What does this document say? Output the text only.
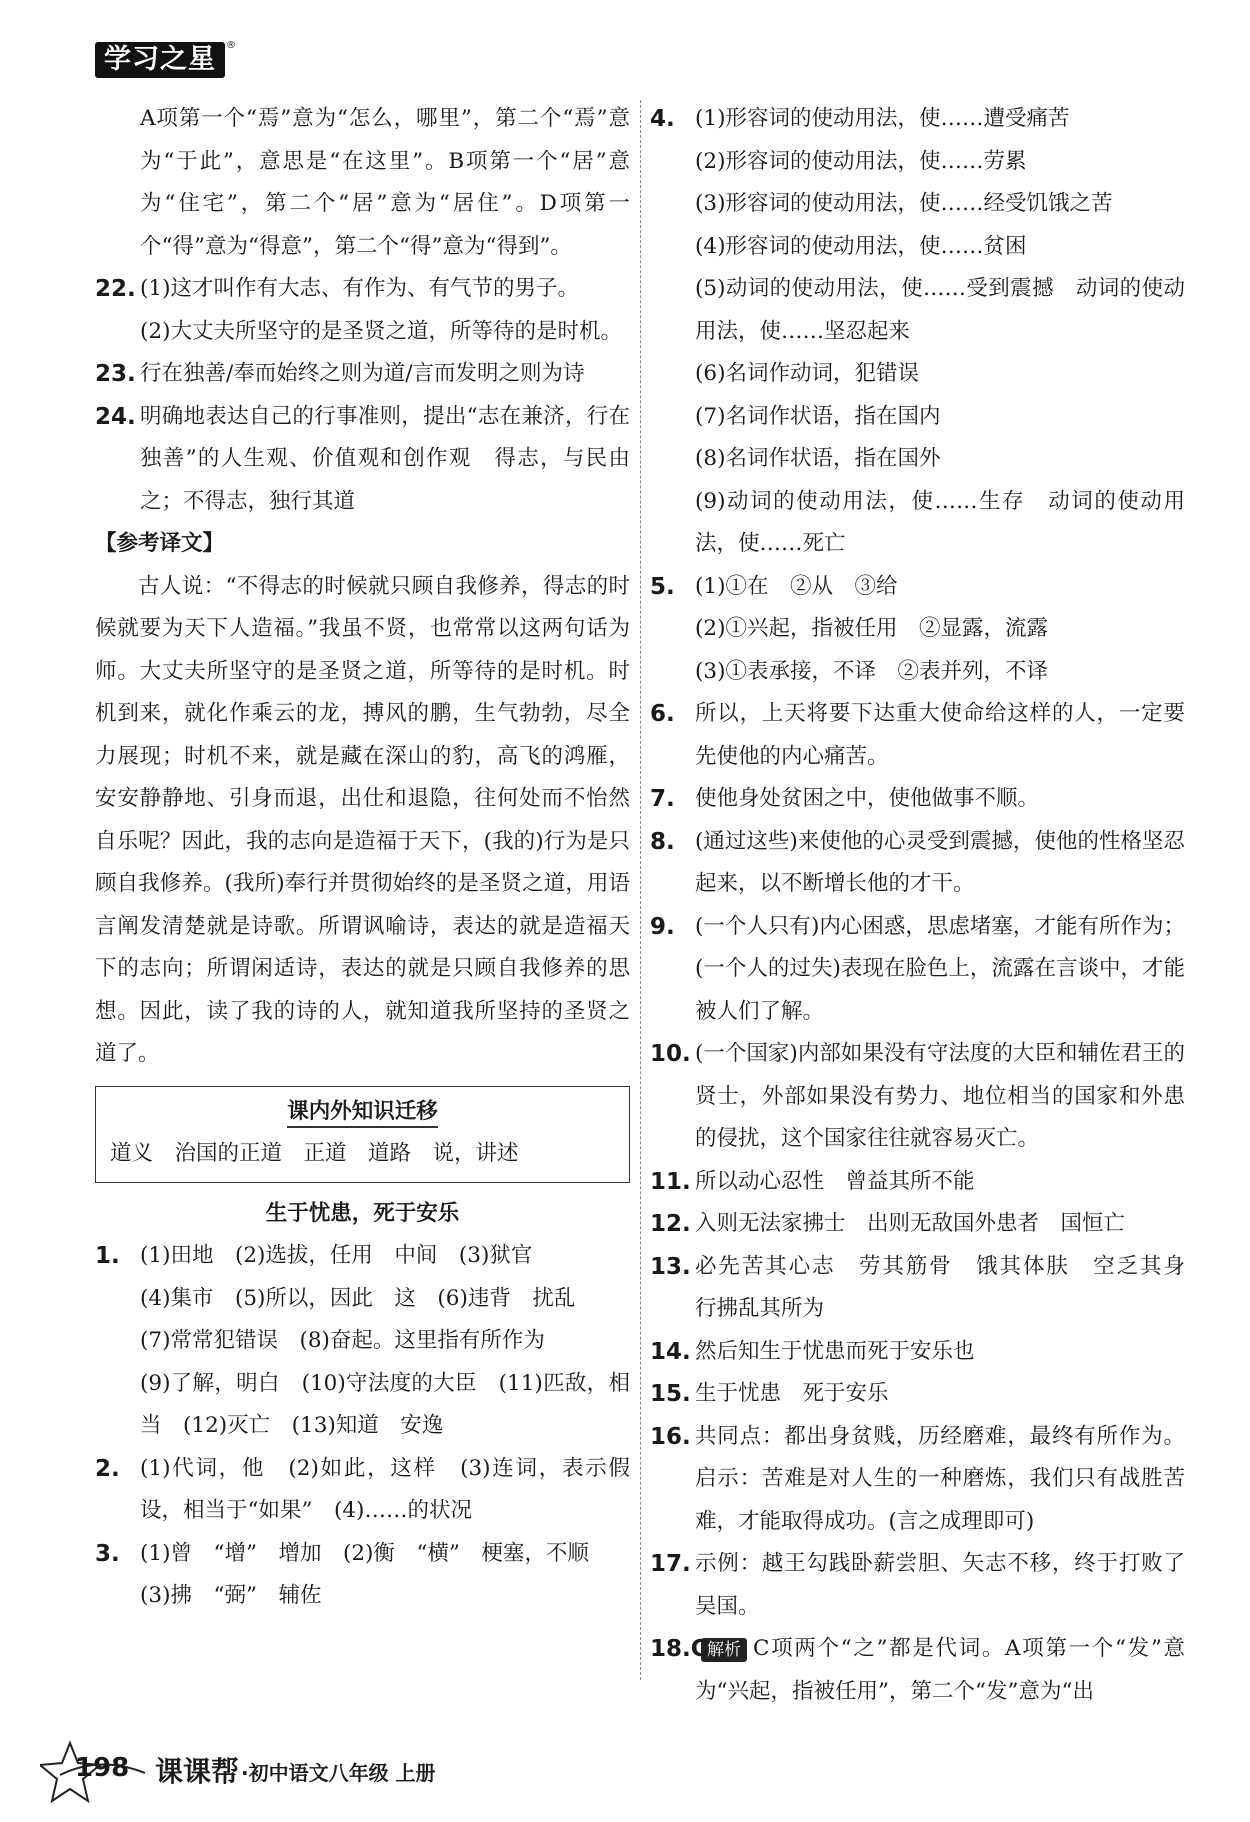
学习之星	®
A项第一个“焉”意为“怎么，哪里”，第二个“焉”意为“于此”，意思是“在这里”。B项第一个“居”意为“住宅”，第二个“居”意为“居住”。D项第一个“得”意为“得意”，第二个“得”意为“得到”。
22. (1)这才叫作有大志、有作为、有气节的男子。
(2)大丈夫所坚守的是圣贤之道，所等待的是时机。
23. 行在独善/奉而始终之则为道/言而发明之则为诗
24. 明确地表达自己的行事准则，提出“志在兼济，行在独善”的人生观、价值观和创作观　得志，与民由之；不得志，独行其道
【参考译文】
古人说：“不得志的时候就只顾自我修养，得志的时候就要为天下人造福。”我虽不贤，也常常以这两句话为师。大丈夫所坚守的是圣贤之道，所等待的是时机。时机到来，就化作乘云的龙，搏风的鹏，生气勃勃，尽全力展现；时机不来，就是藏在深山的豹，高飞的鸿雁，安安静静地、引身而退，出仕和退隐，往何处而不怡然自乐呢？因此，我的志向是造福于天下，(我的)行为是只顾自我修养。(我所)奉行并贯彻始终的是圣贤之道，用语言阐发清楚就是诗歌。所谓讽喻诗，表达的就是造福天下的志向；所谓闲适诗，表达的就是只顾自我修养的思想。因此，读了我的诗的人，就知道我所坚持的圣贤之道了。
课内外知识迁移
道义　治国的正道　正道　道路　说，讲述
生于忧患，死于安乐
1. (1)田地　(2)选拔，任用　中间　(3)狱官
(4)集市　(5)所以，因此　这　(6)违背　扰乱
(7)常常犯错误　(8)奋起。这里指有所作为
(9)了解，明白　(10)守法度的大臣　(11)匹敌，相当　(12)灭亡　(13)知道　安逸
2. (1)代词，他　(2)如此，这样　(3)连词，表示假设，相当于“如果”　(4)……的状况
3. (1)曾　“增”　增加　(2)衡　“横”　梗塞，不顺
(3)拂　“弼”　辅佐
4. (1)形容词的使动用法，使……遭受痛苦
(2)形容词的使动用法，使……劳累
(3)形容词的使动用法，使……经受饥饿之苦
(4)形容词的使动用法，使……贫困
(5)动词的使动用法，使……受到震撼　动词的使动用法，使……坚忍起来
(6)名词作动词，犯错误
(7)名词作状语，指在国内
(8)名词作状语，指在国外
(9)动词的使动用法，使……生存　动词的使动用法，使……死亡
5. (1)①在　②从　③给
(2)①兴起，指被任用　②显露，流露
(3)①表承接，不译　②表并列，不译
6. 所以，上天将要下达重大使命给这样的人，一定要先使他的内心痛苦。
7. 使他身处贫困之中，使他做事不顺。
8. (通过这些)来使他的心灵受到震撼，使他的性格坚忍起来，以不断增长他的才干。
9. (一个人只有)内心困惑，思虑堵塞，才能有所作为；(一个人的过失)表现在脸色上，流露在言谈中，才能被人们了解。
10. (一个国家)内部如果没有守法度的大臣和辅佐君王的贤士，外部如果没有势力、地位相当的国家和外患的侵扰，这个国家往往就容易灭亡。
11. 所以动心忍性　曾益其所不能
12. 入则无法家拂士　出则无敌国外患者　国恒亡
13. 必先苦其心志　劳其筋骨　饿其体肤　空乏其身　行拂乱其所为
14. 然后知生于忧患而死于安乐也
15. 生于忧患　死于安乐
16. 共同点：都出身贫贱，历经磨难，最终有所作为。启示：苦难是对人生的一种磨炼，我们只有战胜苦难，才能取得成功。(言之成理即可)
17. 示例：越王勾践卧薪尝胆、矢志不移，终于打败了吴国。
18.C 解析 C项两个“之”都是代词。A项第一个“发”意为“兴起，指被任用”，第二个“发”意为“出
198 课课帮 ·初中语文八年级 上册
